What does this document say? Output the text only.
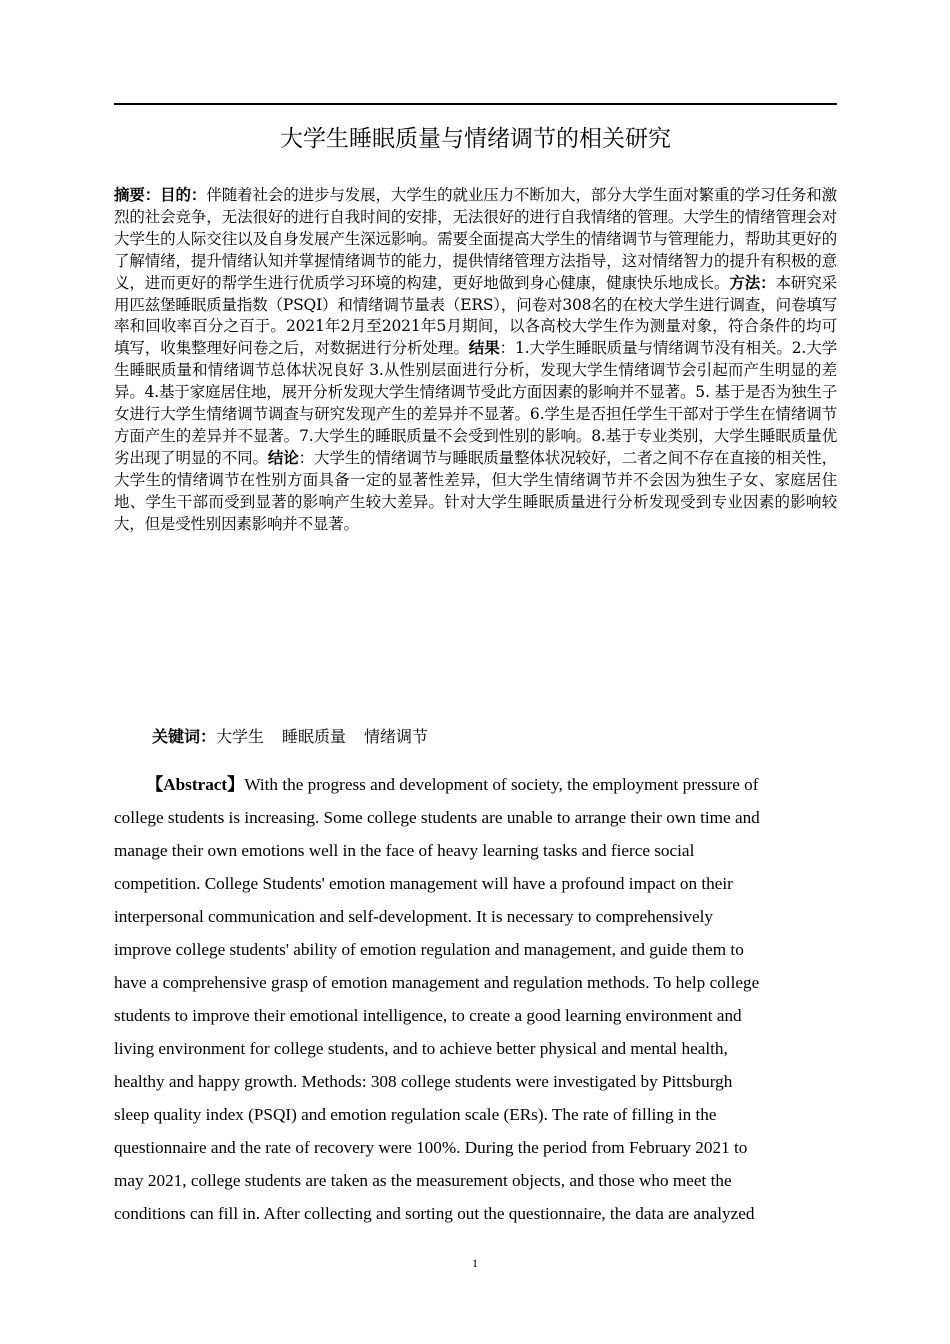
大学生睡眠质量与情绪调节的相关研究
摘要：目的：伴随着社会的进步与发展，大学生的就业压力不断加大，部分大学生面对繁重的学习任务和激烈的社会竞争，无法很好的进行自我时间的安排，无法很好的进行自我情绪的管理。大学生的情绪管理会对大学生的人际交往以及自身发展产生深远影响。需要全面提高大学生的情绪调节与管理能力，帮助其更好的了解情绪，提升情绪认知并掌握情绪调节的能力，提供情绪管理方法指导，这对情绪智力的提升有积极的意义，进而更好的帮学生进行优质学习环境的构建，更好地做到身心健康，健康快乐地成长。方法：本研究采用匹兹堡睡眠质量指数（PSQI）和情绪调节量表（ERS），问卷对308名的在校大学生进行调查，问卷填写率和回收率百分之百于。2021年2月至2021年5月期间，以各高校大学生作为测量对象，符合条件的均可填写，收集整理好问卷之后，对数据进行分析处理。结果：1.大学生睡眠质量与情绪调节没有相关。2.大学生睡眠质量和情绪调节总体状况良好 3.从性别层面进行分析，发现大学生情绪调节会引起而产生明显的差异。4.基于家庭居住地，展开分析发现大学生情绪调节受此方面因素的影响并不显著。5. 基于是否为独生子女进行大学生情绪调节调查与研究发现产生的差异并不显著。6.学生是否担任学生干部对于学生在情绪调节方面产生的差异并不显著。7.大学生的睡眠质量不会受到性别的影响。8.基于专业类别，大学生睡眠质量优劣出现了明显的不同。结论：大学生的情绪调节与睡眠质量整体状况较好，二者之间不存在直接的相关性，大学生的情绪调节在性别方面具备一定的显著性差异，但大学生情绪调节并不会因为独生子女、家庭居住地、学生干部而受到显著的影响产生较大差异。针对大学生睡眠质量进行分析发现受到专业因素的影响较大，但是受性别因素影响并不显著。
关键词：大学生 睡眠质量 情绪调节
【Abstract】With the progress and development of society, the employment pressure of
college students is increasing. Some college students are unable to arrange their own time and
manage their own emotions well in the face of heavy learning tasks and fierce social
competition. College Students' emotion management will have a profound impact on their
interpersonal communication and self-development. It is necessary to comprehensively
improve college students' ability of emotion regulation and management, and guide them to
have a comprehensive grasp of emotion management and regulation methods. To help college
students to improve their emotional intelligence, to create a good learning environment and
living environment for college students, and to achieve better physical and mental health,
healthy and happy growth. Methods: 308 college students were investigated by Pittsburgh
sleep quality index (PSQI) and emotion regulation scale (ERs). The rate of filling in the
questionnaire and the rate of recovery were 100%. During the period from February 2021 to
may 2021, college students are taken as the measurement objects, and those who meet the
conditions can fill in. After collecting and sorting out the questionnaire, the data are analyzed
1
